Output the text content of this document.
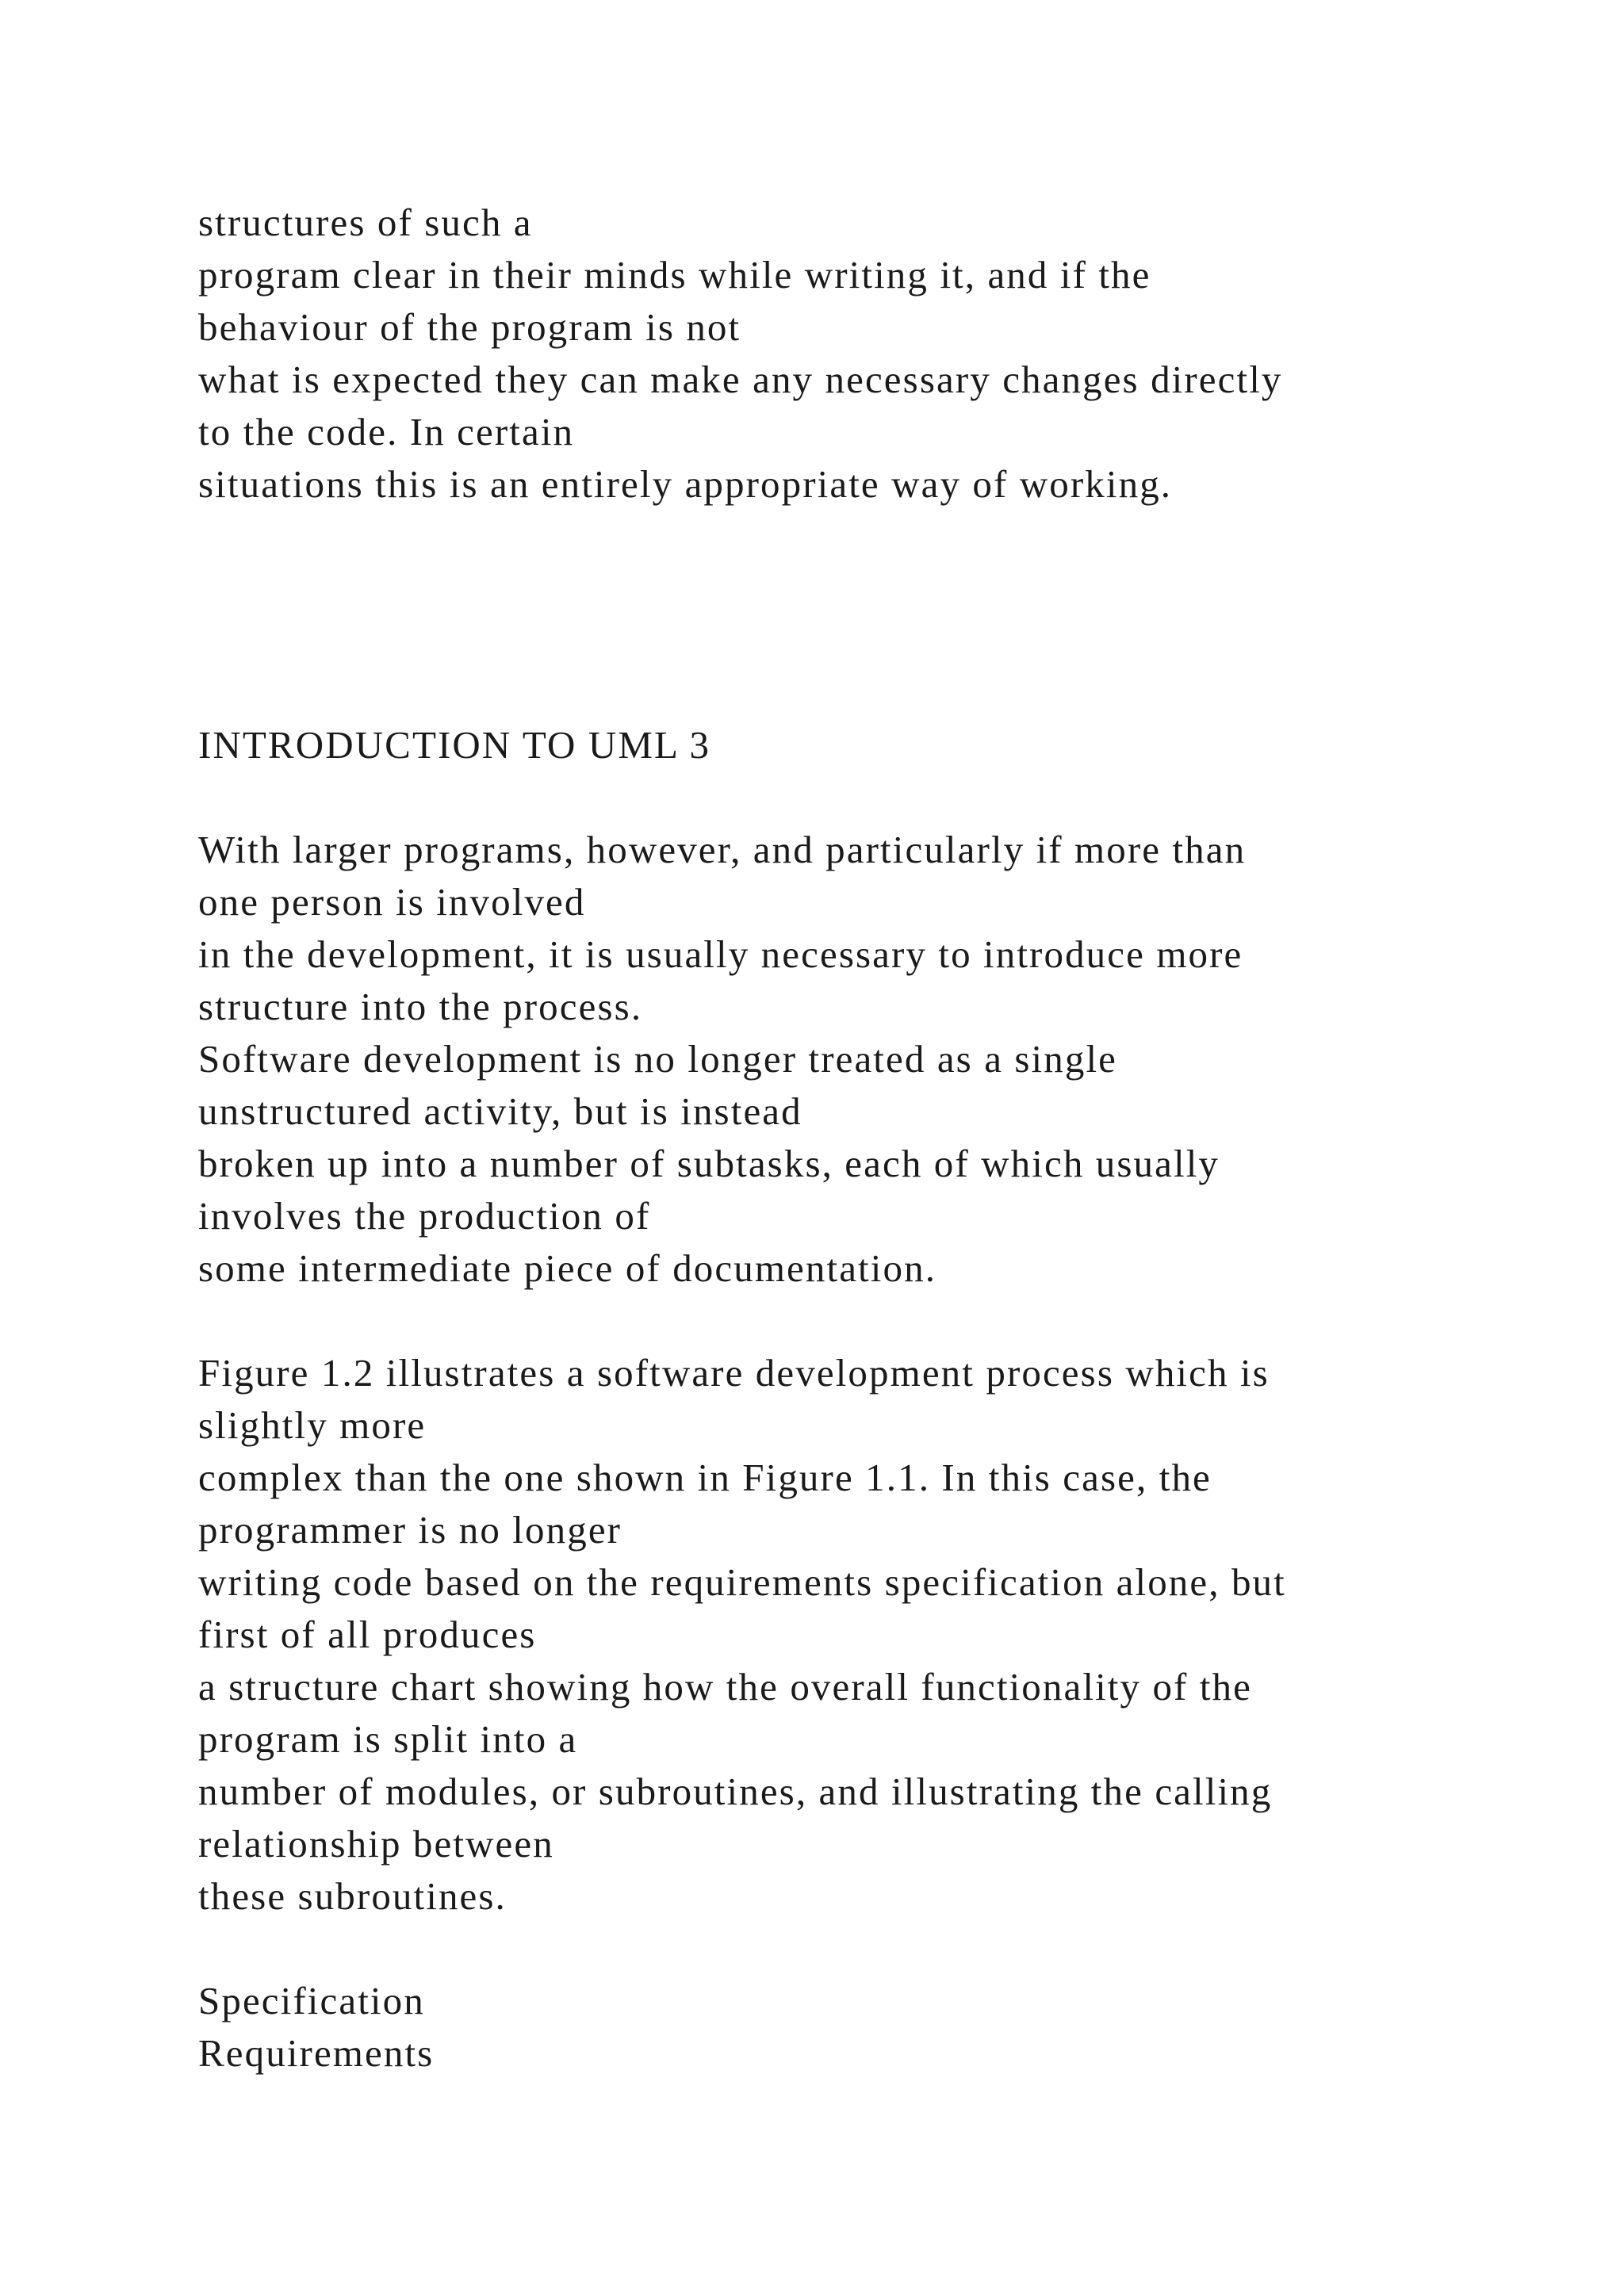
structures of such a

program clear in their minds while writing it, and if the

behaviour of the program is not

what is expected they can make any necessary changes directly

to the code. In certain

situations this is an entirely appropriate way of working.

INTRODUCTION TO UML 3

With larger programs, however, and particularly if more than

one person is involved

in the development, it is usually necessary to introduce more

structure into the process.

Software development is no longer treated as a single

unstructured activity, but is instead

broken up into a number of subtasks, each of which usually

involves the production of

some intermediate piece of documentation.

Figure 1.2 illustrates a software development process which is

slightly more

complex than the one shown in Figure 1.1. In this case, the

programmer is no longer

writing code based on the requirements specification alone, but

first of all produces

a structure chart showing how the overall functionality of the

program is split into a

number of modules, or subroutines, and illustrating the calling

relationship between

these subroutines.

Specification

Requirements
